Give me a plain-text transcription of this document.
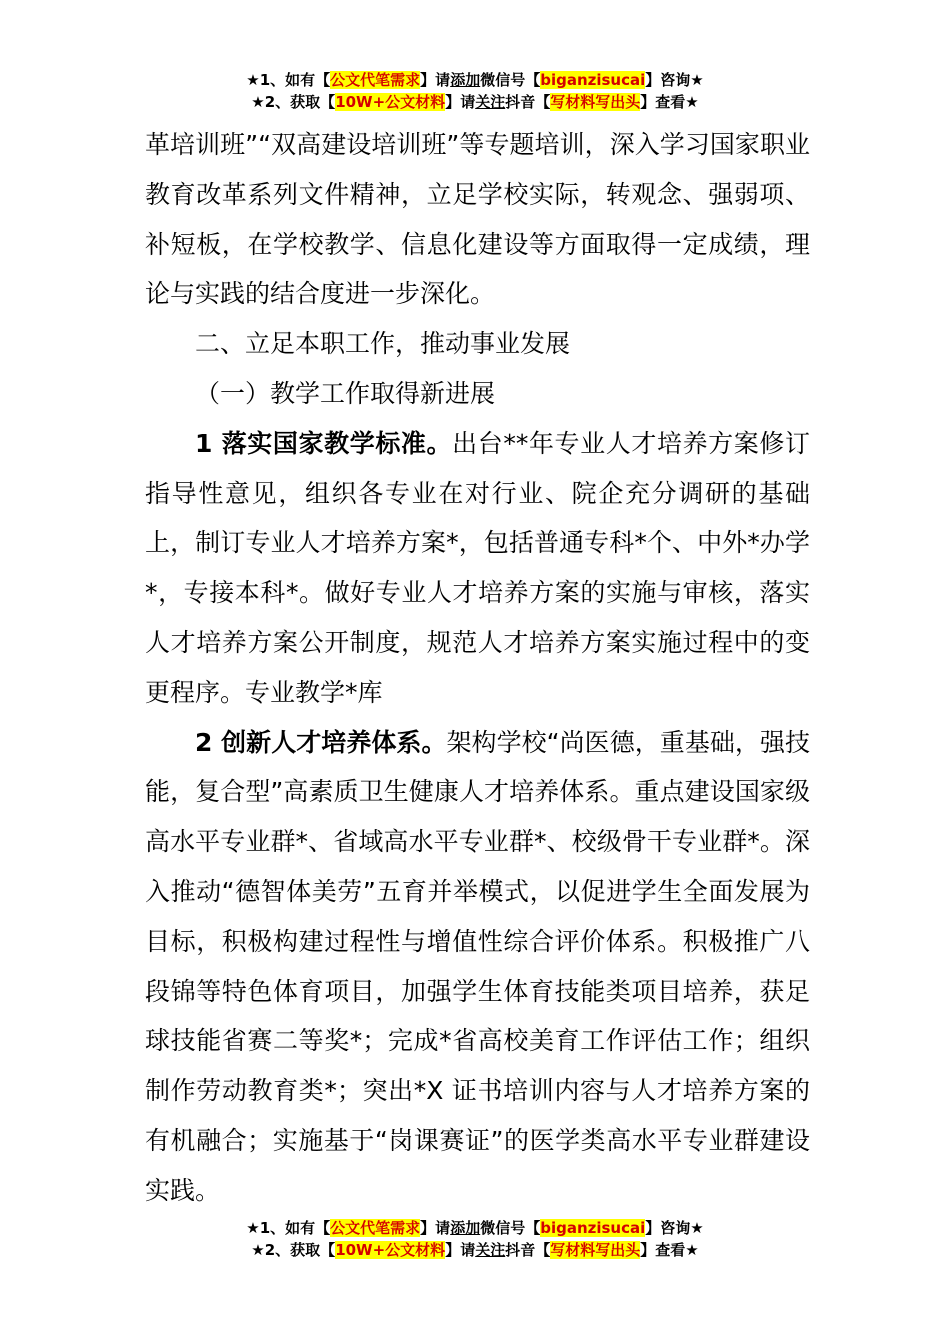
★1、如有【公文代笔需求】请添加微信号【biganzisucai】咨询★
★2、获取【10W+公文材料】请关注抖音【写材料写出头】查看★

革培训班”“双高建设培训班”等专题培训，深入学习国家职业教育改革系列文件精神，立足学校实际，转观念、强弱项、补短板，在学校教学、信息化建设等方面取得一定成绩，理论与实践的结合度进一步深化。

二、立足本职工作，推动事业发展

（一）教学工作取得新进展

1 落实国家教学标准。出台**年专业人才培养方案修订指导性意见，组织各专业在对行业、院企充分调研的基础上，制订专业人才培养方案*，包括普通专科*个、中外*办学*，专接本科*。做好专业人才培养方案的实施与审核，落实人才培养方案公开制度，规范人才培养方案实施过程中的变更程序。专业教学*库

2 创新人才培养体系。架构学校“尚医德，重基础，强技能，复合型”高素质卫生健康人才培养体系。重点建设国家级高水平专业群*、省域高水平专业群*、校级骨干专业群*。深入推动“德智体美劳”五育并举模式，以促进学生全面发展为目标，积极构建过程性与增值性综合评价体系。积极推广八段锦等特色体育项目，加强学生体育技能类项目培养，获足球技能省赛二等奖*；完成*省高校美育工作评估工作；组织制作劳动教育类*；突出*X 证书培训内容与人才培养方案的有机融合；实施基于“岗课赛证”的医学类高水平专业群建设实践。

★1、如有【公文代笔需求】请添加微信号【biganzisucai】咨询★
★2、获取【10W+公文材料】请关注抖音【写材料写出头】查看★
